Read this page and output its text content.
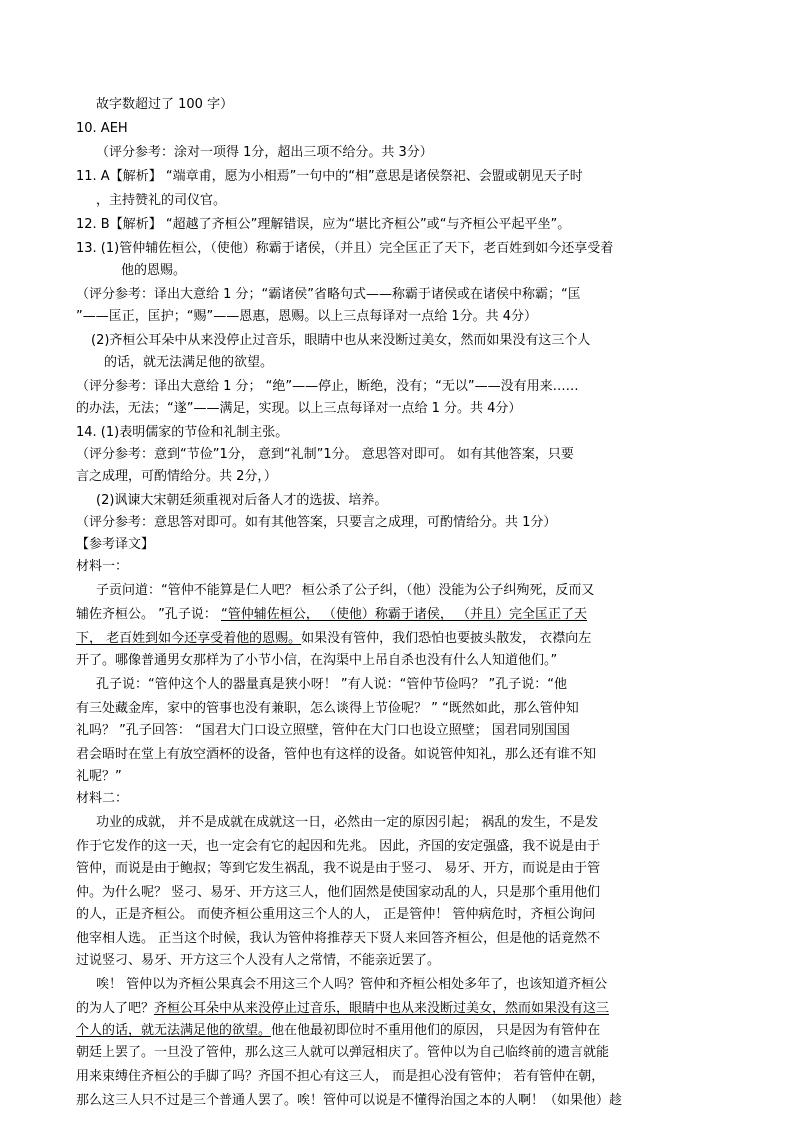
故字数超过了 100 字）

10. AEH

（评分参考：涂对一项得 1分，超出三项不给分。共 3分）

11. A【解析】 “端章甫，愿为小相焉”一句中的“相”意思是诸侯祭祀、会盟或朝见天子时

，主持赞礼的司仪官。

12. B【解析】 “超越了齐桓公”理解错误，应为“堪比齐桓公”或“与齐桓公平起平坐”。

13. (1)管仲辅佐桓公，（使他）称霸于诸侯，（并且）完全匡正了天下，老百姓到如今还享受着

他的恩赐。

（评分参考：译出大意给 1 分；“霸诸侯”省略句式——称霸于诸侯或在诸侯中称霸；“匡

”——匡正，匡护；“赐”——恩惠，恩赐。以上三点每译对一点给 1分。共 4分）

(2)齐桓公耳朵中从来没停止过音乐，眼睛中也从来没断过美女，然而如果没有这三个人

的话，就无法满足他的欲望。

（评分参考：译出大意给 1 分； “绝”——停止，断绝，没有；“无以”——没有用来……

的办法，无法；“遂”——满足，实现。以上三点每译对一点给 1 分。共 4分）

14. (1)表明儒家的节俭和礼制主张。

（评分参考：意到“节俭”1分， 意到“礼制”1分。 意思答对即可。 如有其他答案，只要

言之成理，可酌情给分。共 2分，）

(2)讽谏大宋朝廷须重视对后备人才的选拔、培养。

（评分参考：意思答对即可。如有其他答案，只要言之成理，可酌情给分。共 1分）

【参考译文】

材料一：

子贡问道：“管仲不能算是仁人吧？ 桓公杀了公子纠，（他）没能为公子纠殉死，反而又

辅佐齐桓公。 ”孔子说： “管仲辅佐桓公， （使他）称霸于诸侯， （并且）完全匡正了天

下， 老百姓到如今还享受着他的恩赐。如果没有管仲，我们恐怕也要披头散发， 衣襟向左

开了。哪像普通男女那样为了小节小信，在沟渠中上吊自杀也没有什么人知道他们。”

孔子说：“管仲这个人的器量真是狭小呀！ ”有人说：“管仲节俭吗？ ”孔子说：“他

有三处藏金库，家中的管事也没有兼职，怎么谈得上节俭呢？ ” “既然如此，那么管仲知

礼吗？ ”孔子回答： “国君大门口设立照壁，管仲在大门口也设立照壁； 国君同别国国

君会晤时在堂上有放空酒杯的设备，管仲也有这样的设备。如说管仲知礼，那么还有谁不知

礼呢？”

材料二：

功业的成就， 并不是成就在成就这一日，必然由一定的原因引起； 祸乱的发生，不是发

作于它发作的这一天，也一定会有它的起因和先兆。 因此，齐国的安定强盛，我不说是由于

管仲，而说是由于鲍叔；等到它发生祸乱，我不说是由于竖刁、 易牙、开方，而说是由于管

仲。为什么呢？ 竖刁、易牙、开方这三人，他们固然是使国家动乱的人，只是那个重用他们

的人，正是齐桓公。 而使齐桓公重用这三个人的人， 正是管仲！ 管仲病危时，齐桓公询问

他宰相人选。 正当这个时候，我认为管仲将推荐天下贤人来回答齐桓公，但是他的话竟然不

过说竖刁、易牙、开方这三个人没有人之常情，不能亲近罢了。

唉！ 管仲以为齐桓公果真会不用这三个人吗？管仲和齐桓公相处多年了，也该知道齐桓公

的为人了吧？齐桓公耳朵中从来没停止过音乐，眼睛中也从来没断过美女，然而如果没有这三

个人的话，就无法满足他的欲望。他在他最初即位时不重用他们的原因， 只是因为有管仲在

朝廷上罢了。一旦没了管仲，那么这三人就可以弹冠相庆了。管仲以为自己临终前的遗言就能

用来束缚住齐桓公的手脚了吗？齐国不担心有这三人， 而是担心没有管仲； 若有管仲在朝，

那么这三人只不过是三个普通人罢了。唉！管仲可以说是不懂得治国之本的人啊！（如果他）趁
